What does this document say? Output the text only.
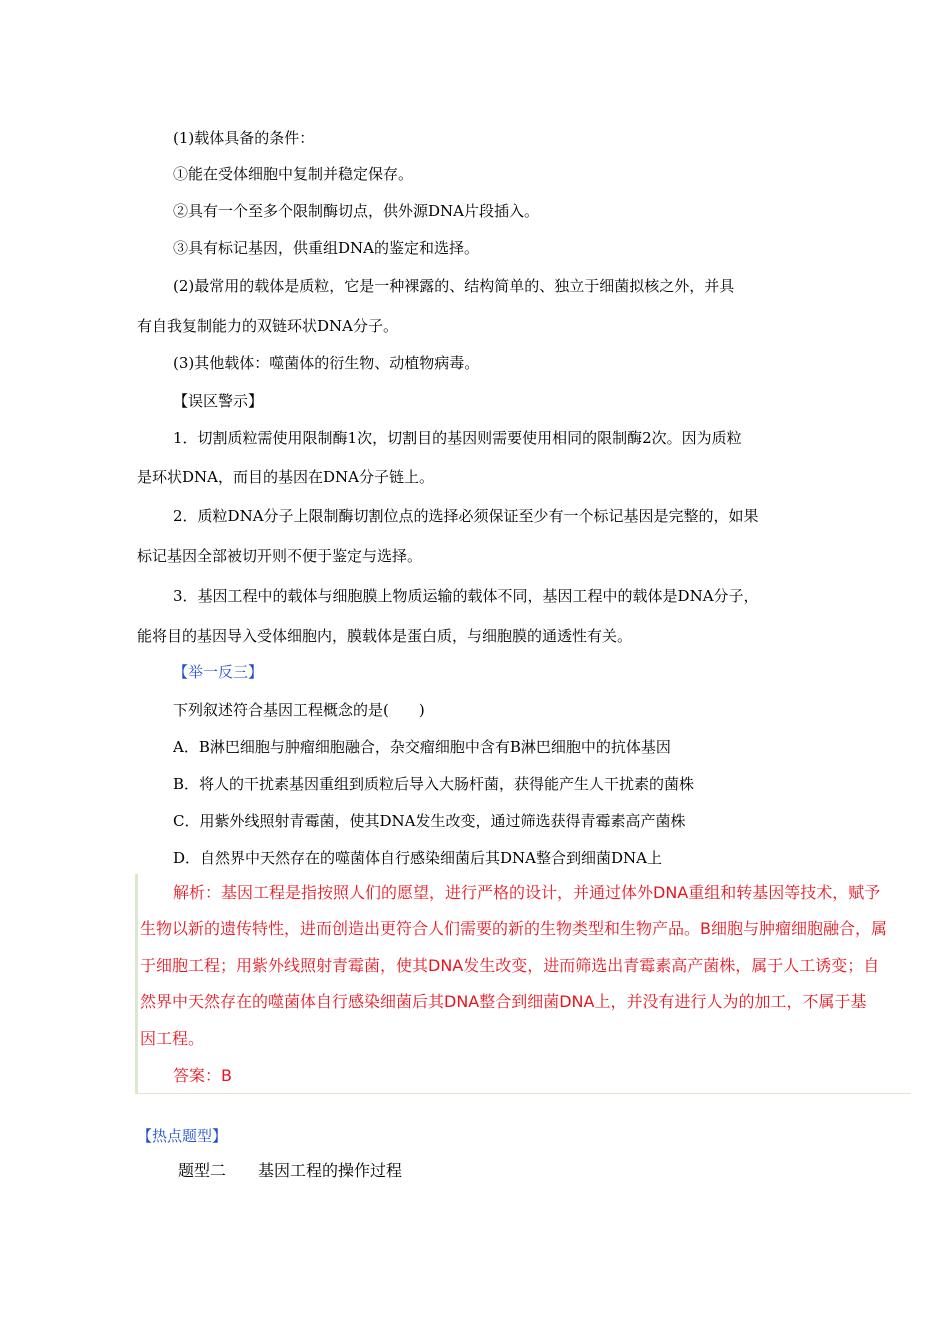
(1)载体具备的条件：
①能在受体细胞中复制并稳定保存。
②具有一个至多个限制酶切点，供外源DNA片段插入。
③具有标记基因，供重组DNA的鉴定和选择。
(2)最常用的载体是质粒，它是一种裸露的、结构简单的、独立于细菌拟核之外，并具
有自我复制能力的双链环状DNA分子。
(3)其他载体：噬菌体的衍生物、动植物病毒。
【误区警示】
1．切割质粒需使用限制酶1次，切割目的基因则需要使用相同的限制酶2次。因为质粒
是环状DNA，而目的基因在DNA分子链上。
2．质粒DNA分子上限制酶切割位点的选择必须保证至少有一个标记基因是完整的，如果
标记基因全部被切开则不便于鉴定与选择。
3．基因工程中的载体与细胞膜上物质运输的载体不同，基因工程中的载体是DNA分子，
能将目的基因导入受体细胞内，膜载体是蛋白质，与细胞膜的通透性有关。
【举一反三】
下列叙述符合基因工程概念的是(　　)
A．B淋巴细胞与肿瘤细胞融合，杂交瘤细胞中含有B淋巴细胞中的抗体基因
B．将人的干扰素基因重组到质粒后导入大肠杆菌，获得能产生人干扰素的菌株
C．用紫外线照射青霉菌，使其DNA发生改变，通过筛选获得青霉素高产菌株
D．自然界中天然存在的噬菌体自行感染细菌后其DNA整合到细菌DNA上
解析：基因工程是指按照人们的愿望，进行严格的设计，并通过体外DNA重组和转基因等技术，赋予
生物以新的遗传特性，进而创造出更符合人们需要的新的生物类型和生物产品。B细胞与肿瘤细胞融合，属
于细胞工程；用紫外线照射青霉菌，使其DNA发生改变，进而筛选出青霉素高产菌株，属于人工诱变；自
然界中天然存在的噬菌体自行感染细菌后其DNA整合到细菌DNA上，并没有进行人为的加工，不属于基
因工程。
答案：B
【热点题型】
题型二　　基因工程的操作过程
